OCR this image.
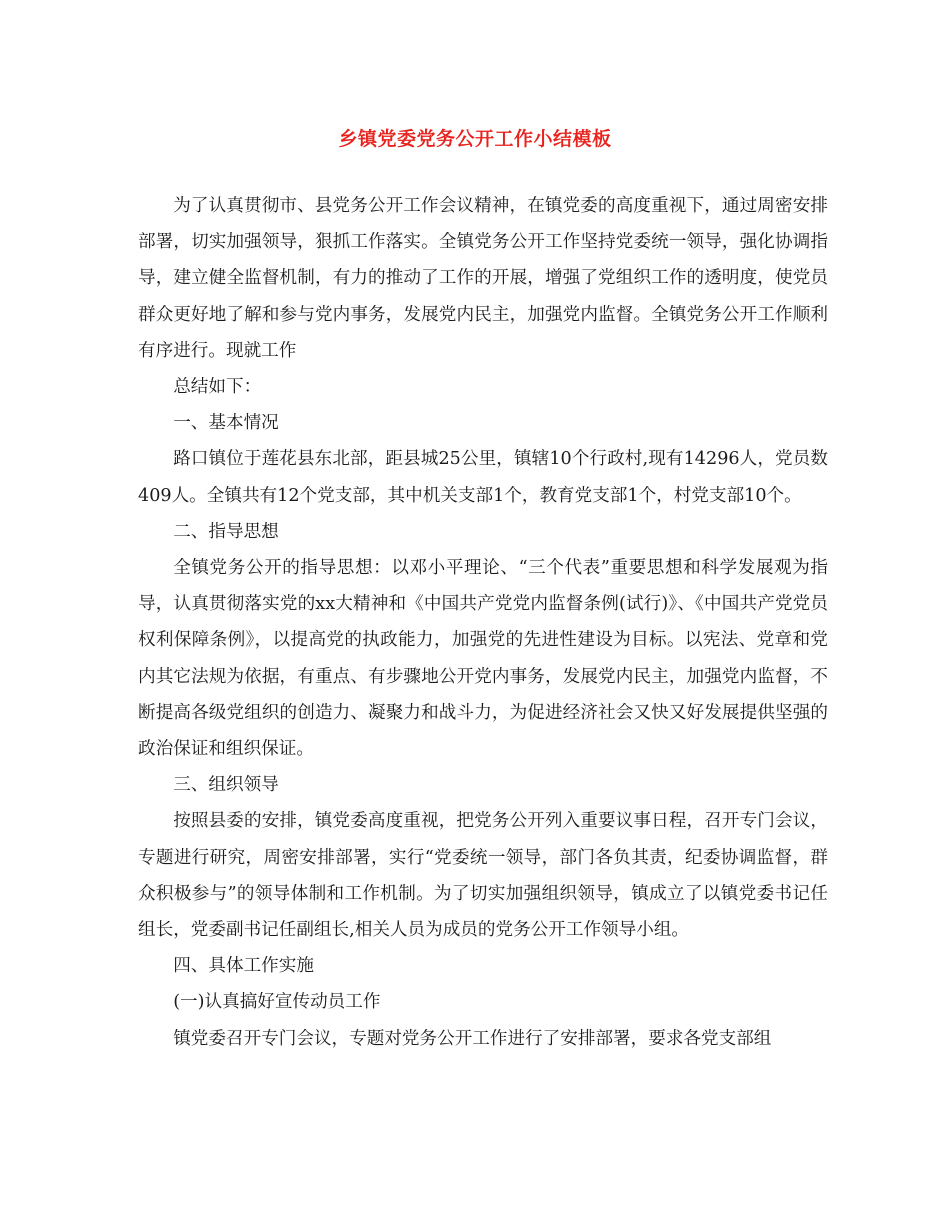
乡镇党委党务公开工作小结模板

为了认真贯彻市、县党务公开工作会议精神，在镇党委的高度重视下，通过周密安排部署，切实加强领导，狠抓工作落实。全镇党务公开工作坚持党委统一领导，强化协调指导，建立健全监督机制，有力的推动了工作的开展，增强了党组织工作的透明度，使党员群众更好地了解和参与党内事务，发展党内民主，加强党内监督。全镇党务公开工作顺利有序进行。现就工作

总结如下：

一、基本情况

路口镇位于莲花县东北部，距县城25公里，镇辖10个行政村,现有14296人，党员数409人。全镇共有12个党支部，其中机关支部1个，教育党支部1个，村党支部10个。

二、指导思想

全镇党务公开的指导思想：以邓小平理论、“三个代表”重要思想和科学发展观为指导，认真贯彻落实党的xx大精神和《中国共产党党内监督条例(试行)》、《中国共产党党员权利保障条例》，以提高党的执政能力，加强党的先进性建设为目标。以宪法、党章和党内其它法规为依据，有重点、有步骤地公开党内事务，发展党内民主，加强党内监督，不断提高各级党组织的创造力、凝聚力和战斗力，为促进经济社会又快又好发展提供坚强的政治保证和组织保证。

三、组织领导

按照县委的安排，镇党委高度重视，把党务公开列入重要议事日程，召开专门会议，专题进行研究，周密安排部署，实行“党委统一领导，部门各负其责，纪委协调监督，群众积极参与”的领导体制和工作机制。为了切实加强组织领导，镇成立了以镇党委书记任组长，党委副书记任副组长,相关人员为成员的党务公开工作领导小组。

四、具体工作实施

(一)认真搞好宣传动员工作

镇党委召开专门会议，专题对党务公开工作进行了安排部署，要求各党支部组
